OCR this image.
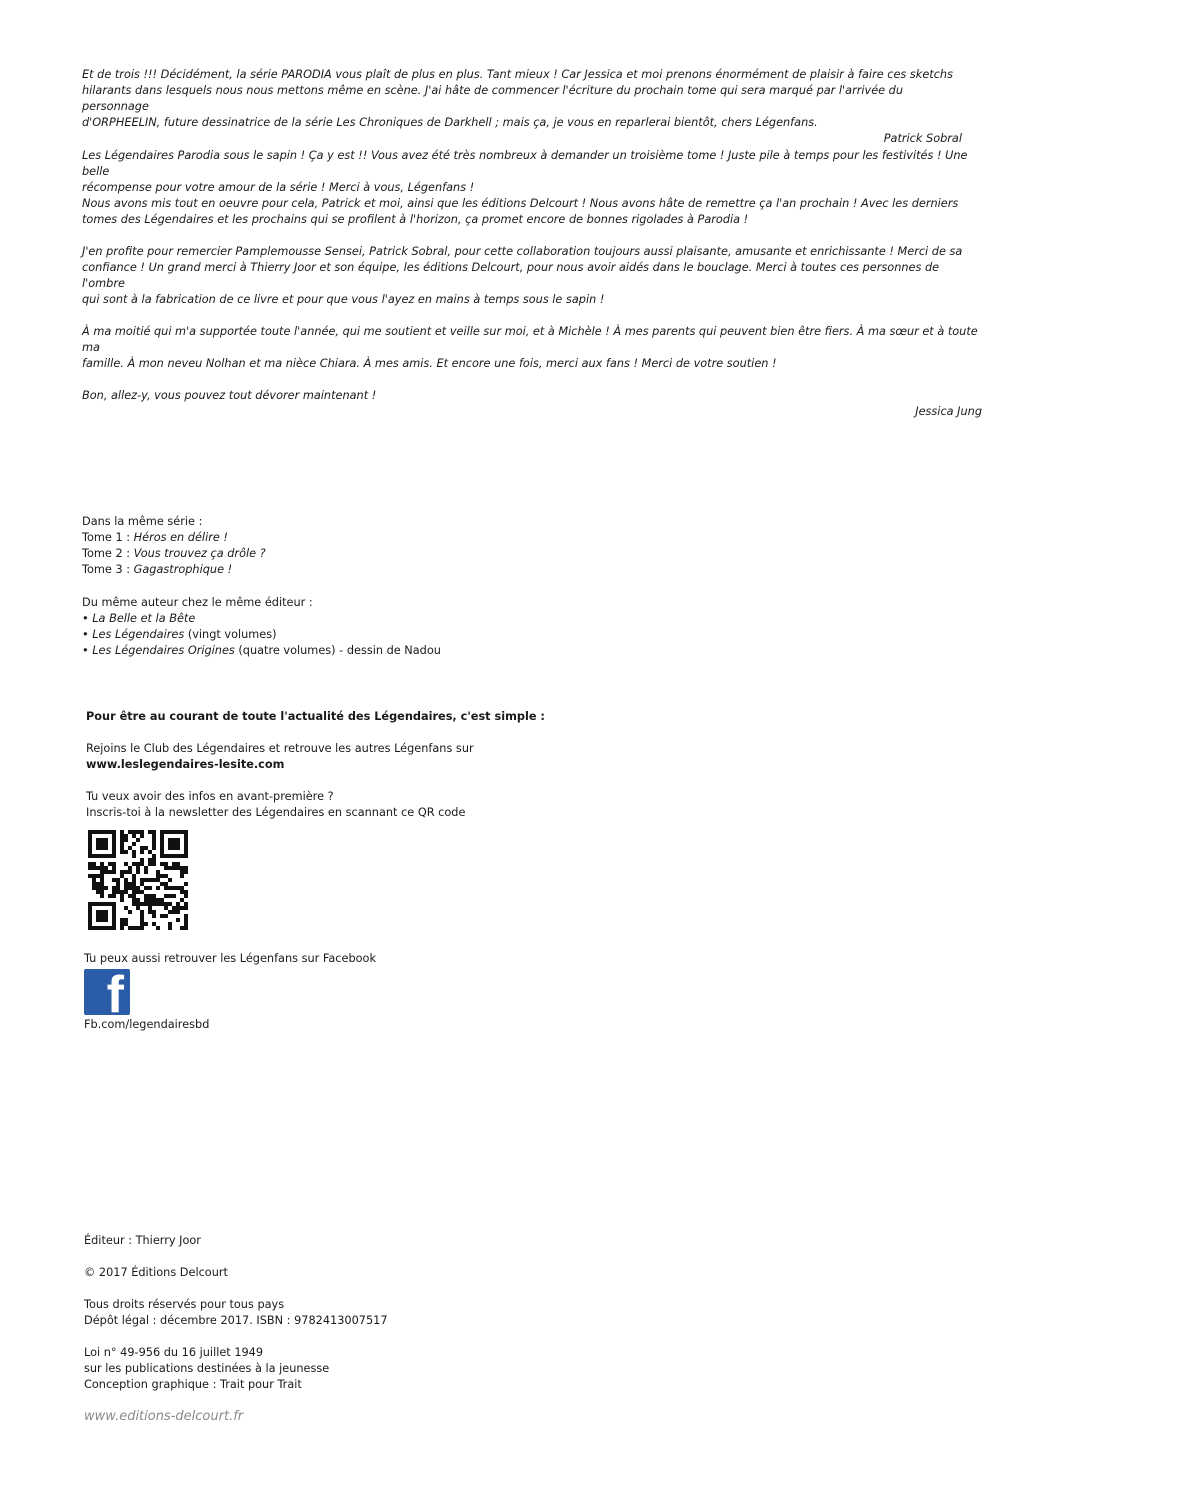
Et de trois !!! Décidément, la série PARODIA vous plaît de plus en plus. Tant mieux ! Car Jessica et moi prenons énormément de plaisir à faire ces sketchs

hilarants dans lesquels nous nous mettons même en scène. J'ai hâte de commencer l'écriture du prochain tome qui sera marqué par l'arrivée du personnage

d'ORPHEELIN, future dessinatrice de la série Les Chroniques de Darkhell ; mais ça, je vous en reparlerai bientôt, chers Légenfans.

Patrick Sobral

Les Légendaires Parodia sous le sapin ! Ça y est !! Vous avez été très nombreux à demander un troisième tome ! Juste pile à temps pour les festivités ! Une belle

récompense pour votre amour de la série ! Merci à vous, Légenfans !

Nous avons mis tout en oeuvre pour cela, Patrick et moi, ainsi que les éditions Delcourt ! Nous avons hâte de remettre ça l'an prochain ! Avec les derniers

tomes des Légendaires et les prochains qui se profilent à l'horizon, ça promet encore de bonnes rigolades à Parodia !

J'en profite pour remercier Pamplemousse Sensei, Patrick Sobral, pour cette collaboration toujours aussi plaisante, amusante et enrichissante ! Merci de sa

confiance ! Un grand merci à Thierry Joor et son équipe, les éditions Delcourt, pour nous avoir aidés dans le bouclage. Merci à toutes ces personnes de l'ombre

qui sont à la fabrication de ce livre et pour que vous l'ayez en mains à temps sous le sapin !

À ma moitié qui m'a supportée toute l'année, qui me soutient et veille sur moi, et à Michèle ! À mes parents qui peuvent bien être fiers. À ma sœur et à toute ma

famille. À mon neveu Nolhan et ma nièce Chiara. À mes amis. Et encore une fois, merci aux fans ! Merci de votre soutien !

Bon, allez-y, vous pouvez tout dévorer maintenant !

Jessica Jung

Dans la même série :

Tome 1 : Héros en délire !

Tome 2 : Vous trouvez ça drôle ?

Tome 3 : Gagastrophique !

Du même auteur chez le même éditeur :

• La Belle et la Bête

• Les Légendaires (vingt volumes)

• Les Légendaires Origines (quatre volumes) - dessin de Nadou

Pour être au courant de toute l'actualité des Légendaires, c'est simple :

Rejoins le Club des Légendaires et retrouve les autres Légenfans sur

www.leslegendaires-lesite.com

Tu veux avoir des infos en avant-première ?

Inscris-toi à la newsletter des Légendaires en scannant ce QR code

Tu peux aussi retrouver les Légenfans sur Facebook

f

Fb.com/legendairesbd

Éditeur : Thierry Joor

© 2017 Éditions Delcourt

Tous droits réservés pour tous pays

Dépôt légal : décembre 2017. ISBN : 9782413007517

Loi n° 49-956 du 16 juillet 1949

sur les publications destinées à la jeunesse

Conception graphique : Trait pour Trait

www.editions-delcourt.fr
